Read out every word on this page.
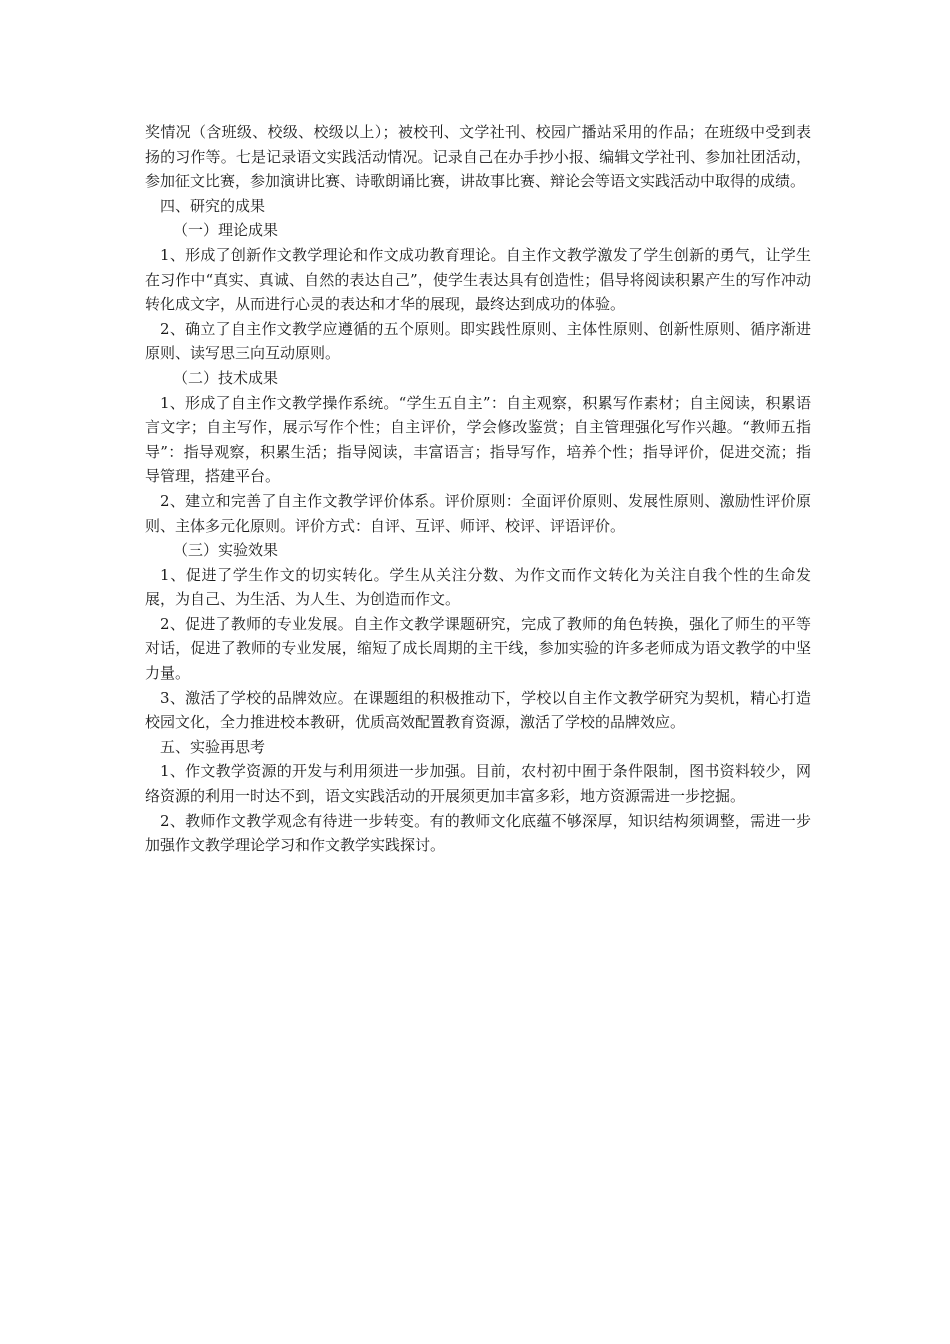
奖情况（含班级、校级、校级以上）；被校刊、文学社刊、校园广播站采用的作品；在班级中受到表扬的习作等。七是记录语文实践活动情况。记录自己在办手抄小报、编辑文学社刊、参加社团活动，参加征文比赛，参加演讲比赛、诗歌朗诵比赛，讲故事比赛、辩论会等语文实践活动中取得的成绩。

四、研究的成果

（一）理论成果

1、形成了创新作文教学理论和作文成功教育理论。自主作文教学激发了学生创新的勇气，让学生在习作中“真实、真诚、自然的表达自己”，使学生表达具有创造性；倡导将阅读积累产生的写作冲动转化成文字，从而进行心灵的表达和才华的展现，最终达到成功的体验。

2、确立了自主作文教学应遵循的五个原则。即实践性原则、主体性原则、创新性原则、循序渐进原则、读写思三向互动原则。

（二）技术成果

1、形成了自主作文教学操作系统。“学生五自主”：自主观察，积累写作素材；自主阅读，积累语言文字；自主写作，展示写作个性；自主评价，学会修改鉴赏；自主管理强化写作兴趣。“教师五指导”：指导观察，积累生活；指导阅读，丰富语言；指导写作，培养个性；指导评价，促进交流；指导管理，搭建平台。

2、建立和完善了自主作文教学评价体系。评价原则：全面评价原则、发展性原则、激励性评价原则、主体多元化原则。评价方式：自评、互评、师评、校评、评语评价。

（三）实验效果

1、促进了学生作文的切实转化。学生从关注分数、为作文而作文转化为关注自我个性的生命发展，为自己、为生活、为人生、为创造而作文。

2、促进了教师的专业发展。自主作文教学课题研究，完成了教师的角色转换，强化了师生的平等对话，促进了教师的专业发展，缩短了成长周期的主干线，参加实验的许多老师成为语文教学的中坚力量。

3、激活了学校的品牌效应。在课题组的积极推动下，学校以自主作文教学研究为契机，精心打造校园文化，全力推进校本教研，优质高效配置教育资源，激活了学校的品牌效应。

五、实验再思考

1、作文教学资源的开发与利用须进一步加强。目前，农村初中囿于条件限制，图书资料较少，网络资源的利用一时达不到，语文实践活动的开展须更加丰富多彩，地方资源需进一步挖掘。

2、教师作文教学观念有待进一步转变。有的教师文化底蕴不够深厚，知识结构须调整，需进一步加强作文教学理论学习和作文教学实践探讨。
